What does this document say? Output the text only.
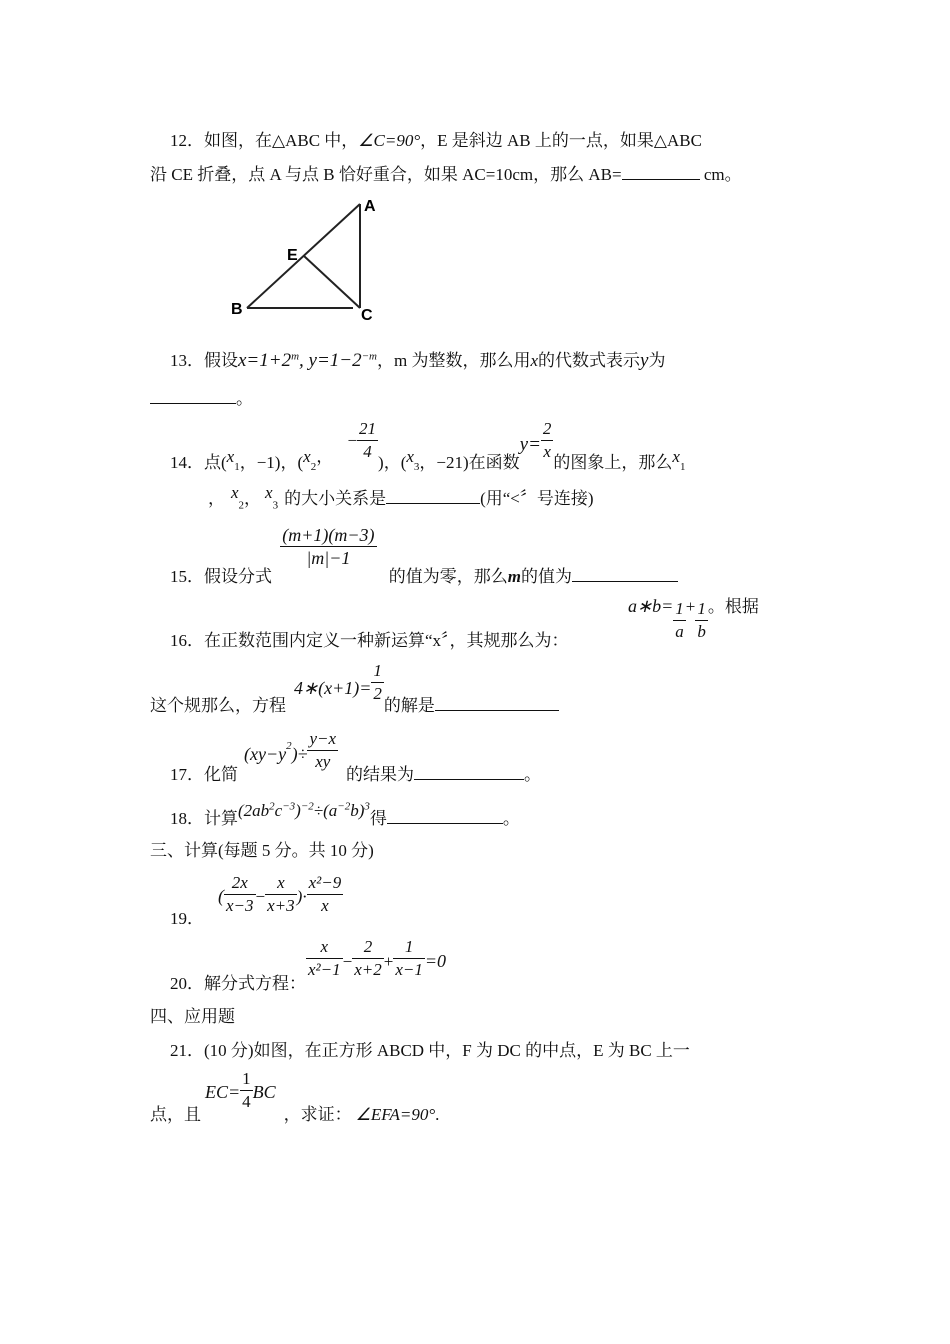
12．如图，在△ABC 中，∠C=90°，E 是斜边 AB 上的一点，如果△ABC
沿 CE 折叠，点 A 与点 B 恰好重合，如果 AC=10cm，那么 AB=	cm。
A
B	C
E
13．假设$x=1+2^m$, $y=1-2^{-m}$，m 为整数，那么用x的代数式表示y为
。
14．点($x_1$，−1)，($x_2$， − $\frac{21}{4}$ )，($x_3$，−21)在函数$y= \frac{2}{x}$ 的图象上，那么$x_1$
， $x_2$， $x_3$ 的大小关系是	(用“<〞号连接)
15．假设分式
$\frac{(m+1)(m-3)}{|m|-1}$
的值为零，那么m的值为
16．在正数范围内定义一种新运算“x〞，其规那么为：
a∗b= $\frac{1}{a} + \frac{1}{b}$ 。根据
这个规那么，方程4∗(x+1)= $\frac{1}{2}$
的解是
17．化简$(xy-y^2)\div \frac{y-x}{xy}$
的结果为	。
18．计算$(2ab^2c^{-3})^{-2}\div(a^{-2}b)^3$得	。
三、计算(每题 5 分。共 10 分)
19．( $\frac{2x}{x-3} - \frac{x}{x+3}$ )· $\frac{\text{x²−9}}{x}$
20．解分式方程：
$\frac{x}{\text{x²−1}} - \frac{2}{x+2} + \frac{1}{x-1} =0$
四、应用题
21．(10 分)如图，在正方形 ABCD 中，F 为 DC 的中点，E 为 BC 上一
点，且$EC= \frac{1}{4}$ BC，求证： ∠EFA=90°.
